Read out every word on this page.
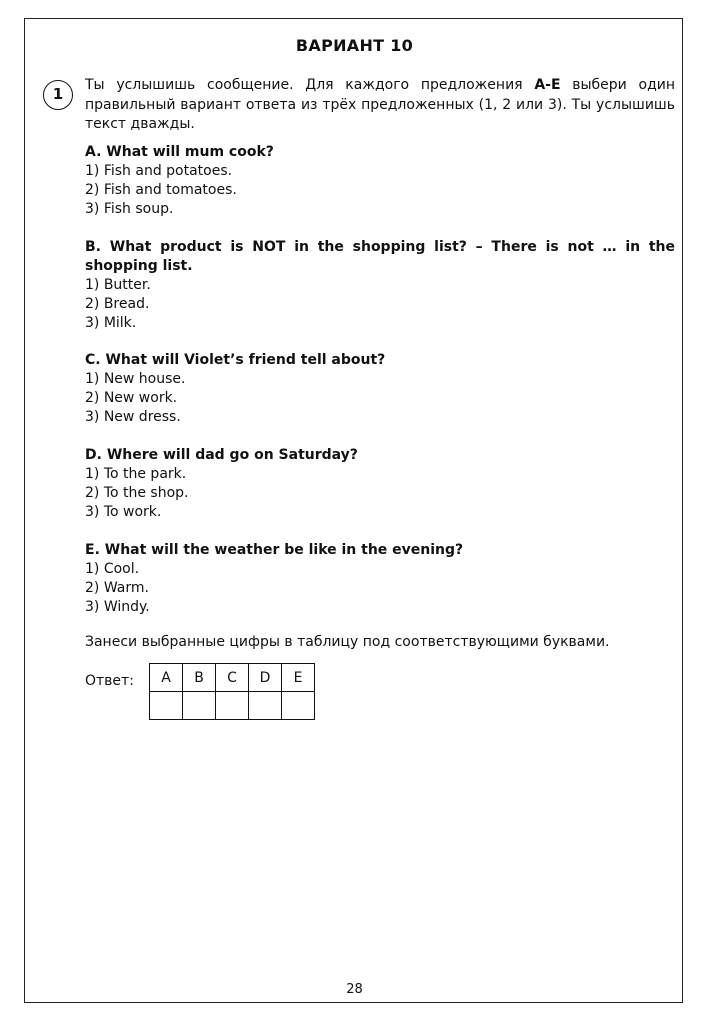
ВАРИАНТ 10
1	Ты услышишь сообщение. Для каждого предложения А-Е выбери один правильный вариант ответа из трёх предложенных (1, 2 или 3). Ты услышишь текст дважды.
A. What will mum cook?
1) Fish and potatoes.
2) Fish and tomatoes.
3) Fish soup.
B. What product is NOT in the shopping list? – There is not … in the shopping list.
1) Butter.
2) Bread.
3) Milk.
C. What will Violet’s friend tell about?
1) New house.
2) New work.
3) New dress.
D. Where will dad go on Saturday?
1) To the park.
2) To the shop.
3) To work.
E. What will the weather be like in the evening?
1) Cool.
2) Warm.
3) Windy.
Занеси выбранные цифры в таблицу под соответствующими буквами.
Ответ: A	B	C	D	E

28
